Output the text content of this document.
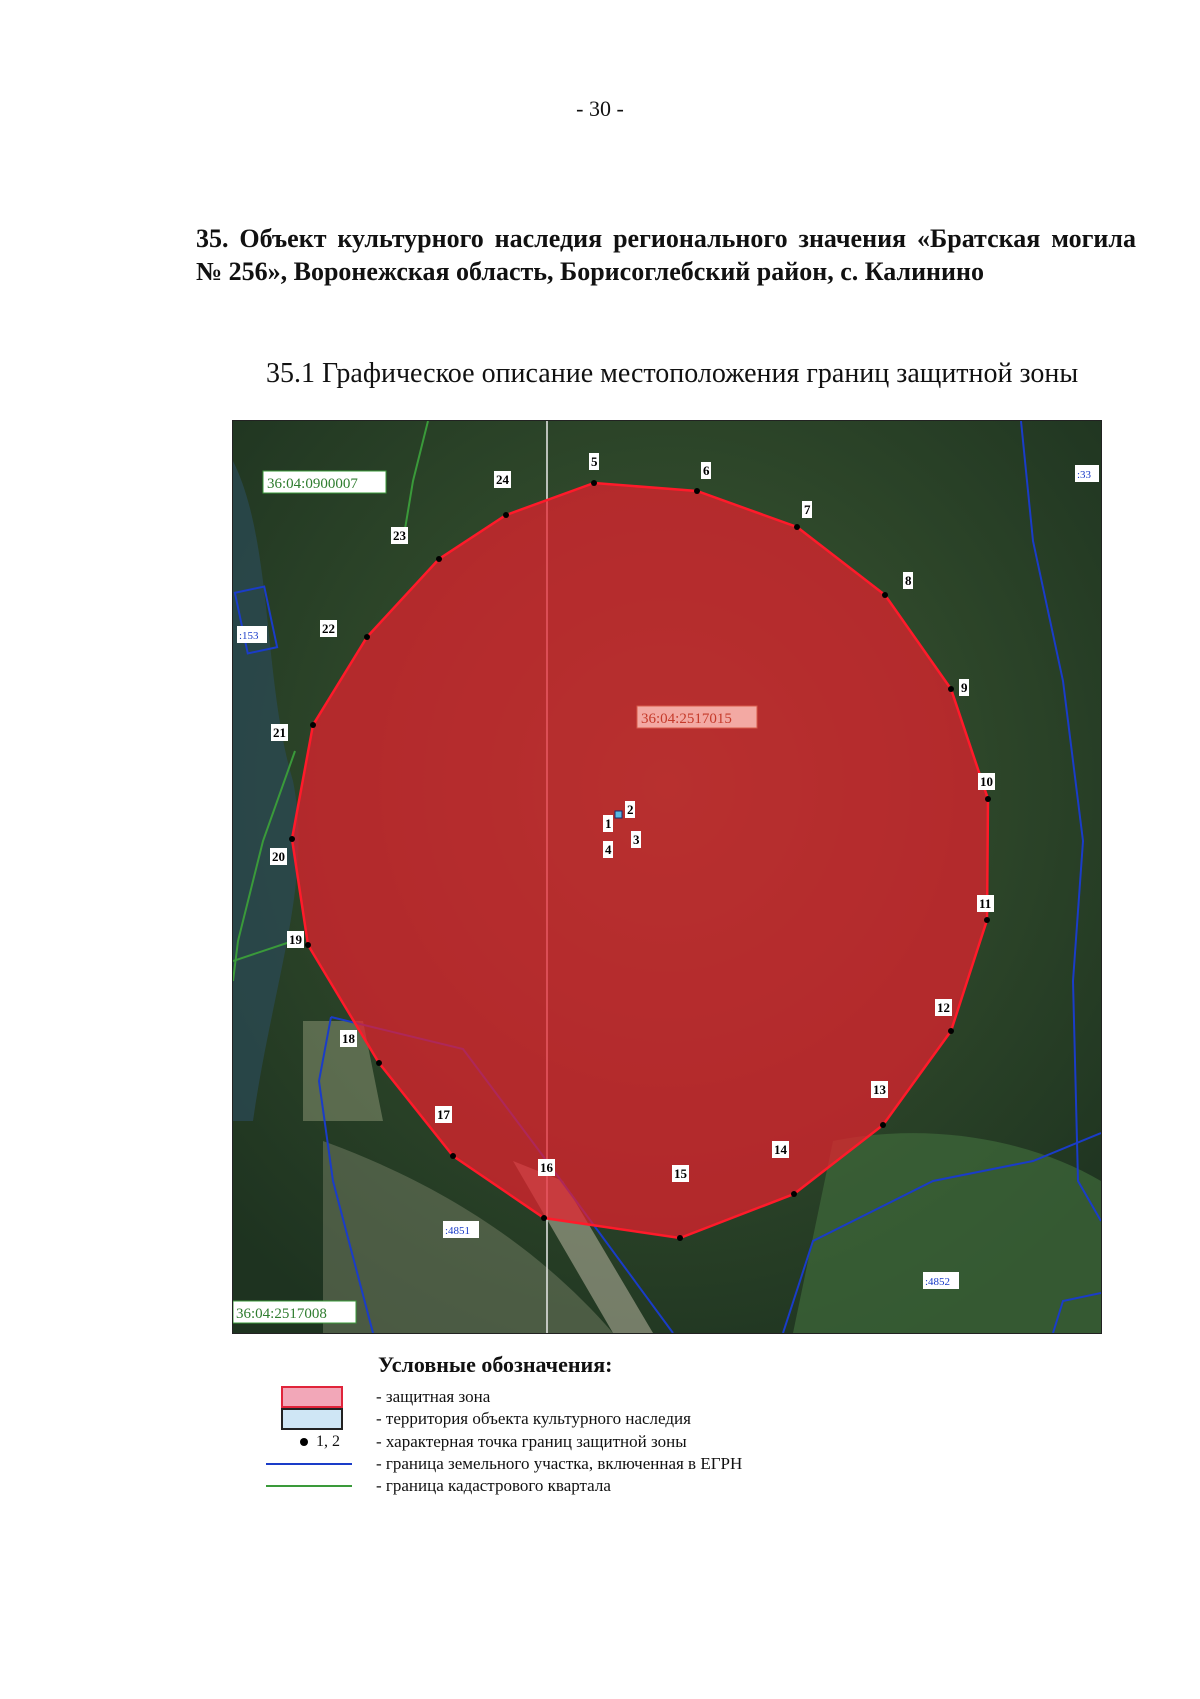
- 30 -
35. Объект культурного наследия регионального значения «Братская могила № 256», Воронежская область, Борисоглебский район, с. Калинино
35.1 Графическое описание местоположения границ защитной зоны
1
2
3
4
5
6
7
8
9
10
11
12
13
14
15
16
17
18
19
20
21
22
23
24
36:04:0900007
36:04:2517015
36:04:2517008
:153
:33
:4851
:4852
Условные обозначения:
- защитная зона
- территория объекта культурного наследия
1, 2 - характерная точка границ защитной зоны
- граница земельного участка, включенная в ЕГРН
- граница кадастрового квартала
